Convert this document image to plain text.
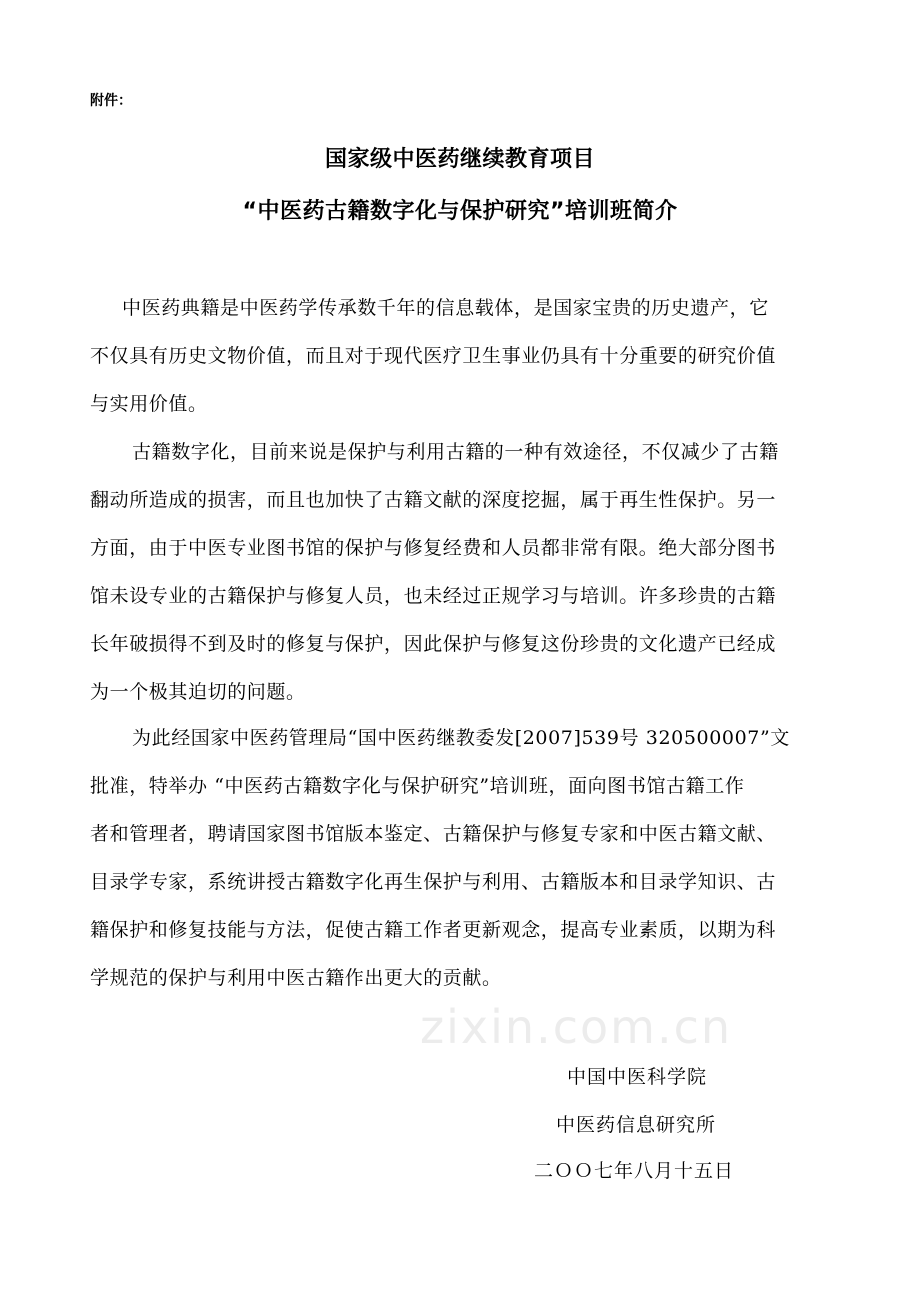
附件：
国家级中医药继续教育项目
“中医药古籍数字化与保护研究”培训班简介
中医药典籍是中医药学传承数千年的信息载体，是国家宝贵的历史遗产，它
不仅具有历史文物价值，而且对于现代医疗卫生事业仍具有十分重要的研究价值
与实用价值。
古籍数字化，目前来说是保护与利用古籍的一种有效途径，不仅减少了古籍
翻动所造成的损害，而且也加快了古籍文献的深度挖掘，属于再生性保护。另一
方面，由于中医专业图书馆的保护与修复经费和人员都非常有限。绝大部分图书
馆未设专业的古籍保护与修复人员，也未经过正规学习与培训。许多珍贵的古籍
长年破损得不到及时的修复与保护，因此保护与修复这份珍贵的文化遗产已经成
为一个极其迫切的问题。
为此经国家中医药管理局“国中医药继教委发[2007]539号 320500007”文
批准，特举办 “中医药古籍数字化与保护研究”培训班，面向图书馆古籍工作
者和管理者，聘请国家图书馆版本鉴定、古籍保护与修复专家和中医古籍文献、
目录学专家，系统讲授古籍数字化再生保护与利用、古籍版本和目录学知识、古
籍保护和修复技能与方法，促使古籍工作者更新观念，提高专业素质，以期为科
学规范的保护与利用中医古籍作出更大的贡献。
zixin.com.cn
中国中医科学院
中医药信息研究所
二ＯＯ七年八月十五日
